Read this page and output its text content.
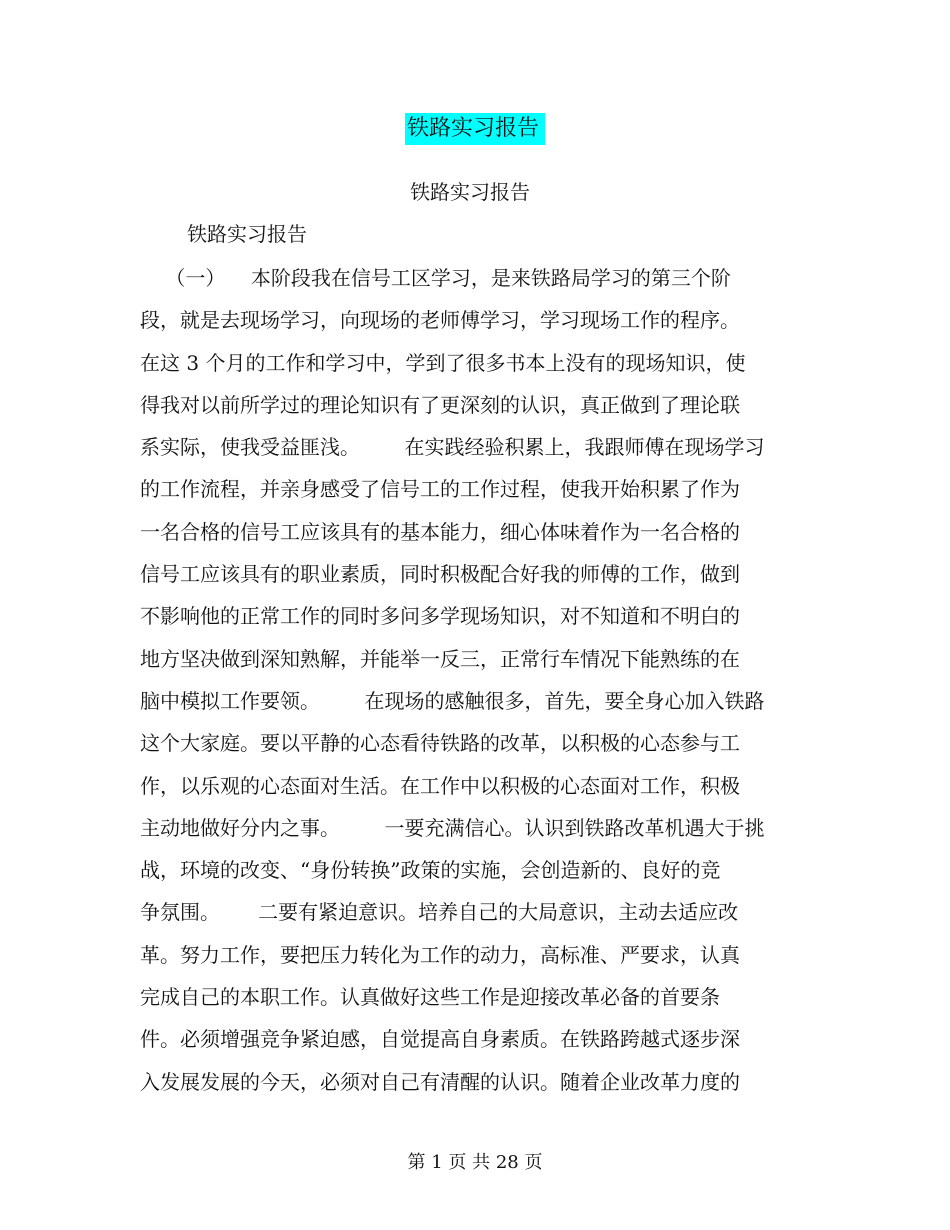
铁路实习报告
铁路实习报告
铁路实习报告
（一）    本阶段我在信号工区学习，是来铁路局学习的第三个阶
段，就是去现场学习，向现场的老师傅学习，学习现场工作的程序。
在这 3 个月的工作和学习中，学到了很多书本上没有的现场知识，使
得我对以前所学过的理论知识有了更深刻的认识，真正做到了理论联
系实际，使我受益匪浅。       在实践经验积累上，我跟师傅在现场学习
的工作流程，并亲身感受了信号工的工作过程，使我开始积累了作为
一名合格的信号工应该具有的基本能力，细心体味着作为一名合格的
信号工应该具有的职业素质，同时积极配合好我的师傅的工作，做到
不影响他的正常工作的同时多问多学现场知识，对不知道和不明白的
地方坚决做到深知熟解，并能举一反三，正常行车情况下能熟练的在
脑中模拟工作要领。       在现场的感触很多，首先，要全身心加入铁路
这个大家庭。要以平静的心态看待铁路的改革，以积极的心态参与工
作，以乐观的心态面对生活。在工作中以积极的心态面对工作，积极
主动地做好分内之事。       一要充满信心。认识到铁路改革机遇大于挑
战，环境的改变、“身份转换”政策的实施，会创造新的、良好的竞
争氛围。      二要有紧迫意识。培养自己的大局意识，主动去适应改
革。努力工作，要把压力转化为工作的动力，高标准、严要求，认真
完成自己的本职工作。认真做好这些工作是迎接改革必备的首要条
件。必须增强竞争紧迫感，自觉提高自身素质。在铁路跨越式逐步深
入发展发展的今天，必须对自己有清醒的认识。随着企业改革力度的
第 1 页 共 28 页
